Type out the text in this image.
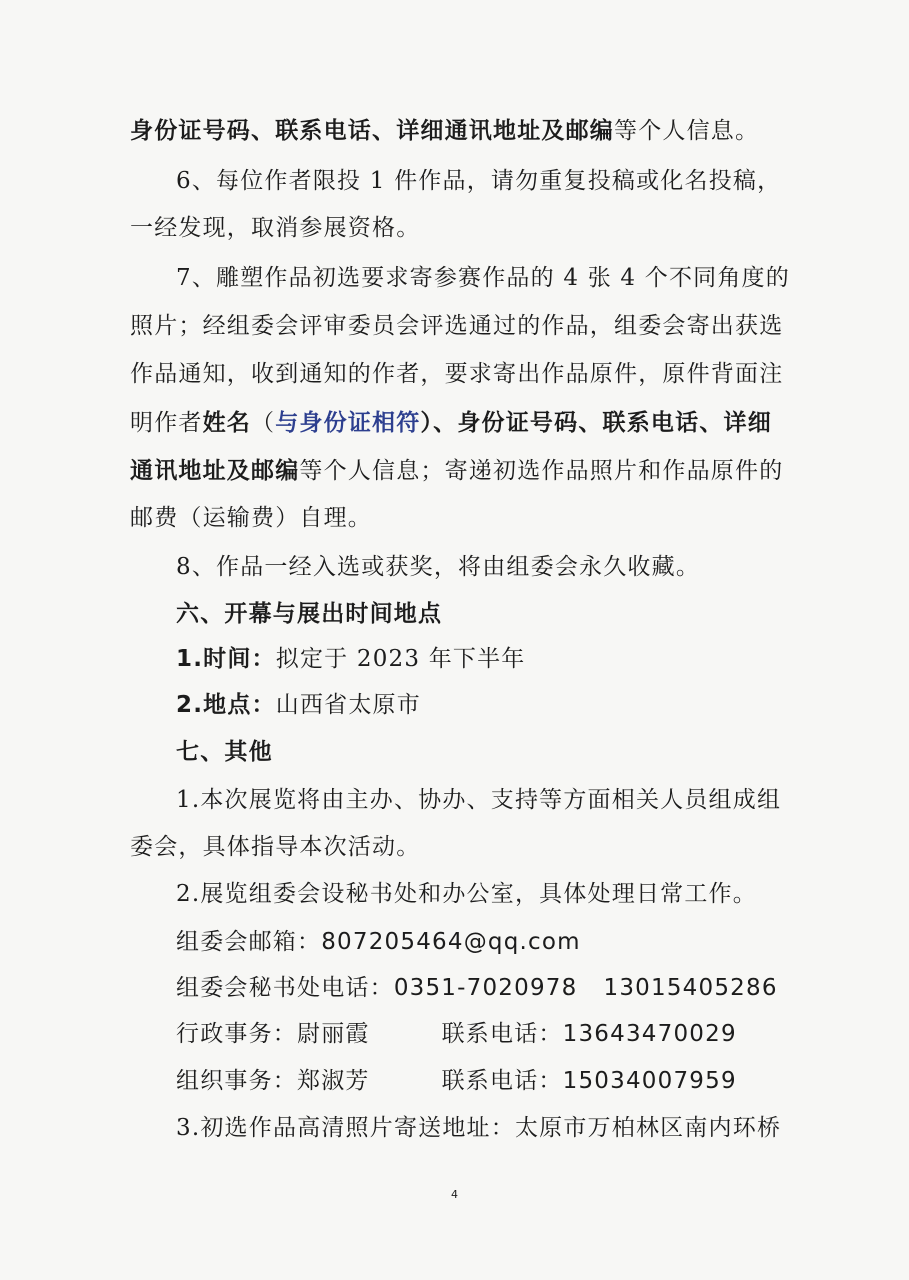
身份证号码、联系电话、详细通讯地址及邮编等个人信息。
6、每位作者限投 1 件作品，请勿重复投稿或化名投稿，
一经发现，取消参展资格。
7、雕塑作品初选要求寄参赛作品的 4 张 4 个不同角度的
照片；经组委会评审委员会评选通过的作品，组委会寄出获选
作品通知，收到通知的作者，要求寄出作品原件，原件背面注
明作者姓名（与身份证相符）、身份证号码、联系电话、详细
通讯地址及邮编等个人信息；寄递初选作品照片和作品原件的
邮费（运输费）自理。
8、作品一经入选或获奖，将由组委会永久收藏。
六、开幕与展出时间地点
1.时间：拟定于 2023 年下半年
2.地点：山西省太原市
七、其他
1.本次展览将由主办、协办、支持等方面相关人员组成组
委会，具体指导本次活动。
2.展览组委会设秘书处和办公室，具体处理日常工作。
组委会邮箱：807205464@qq.com
组委会秘书处电话：0351-7020978 13015405286
行政事务：尉丽霞	联系电话：13643470029
组织事务：郑淑芳	联系电话：15034007959
3.初选作品高清照片寄送地址：太原市万柏林区南内环桥
4
